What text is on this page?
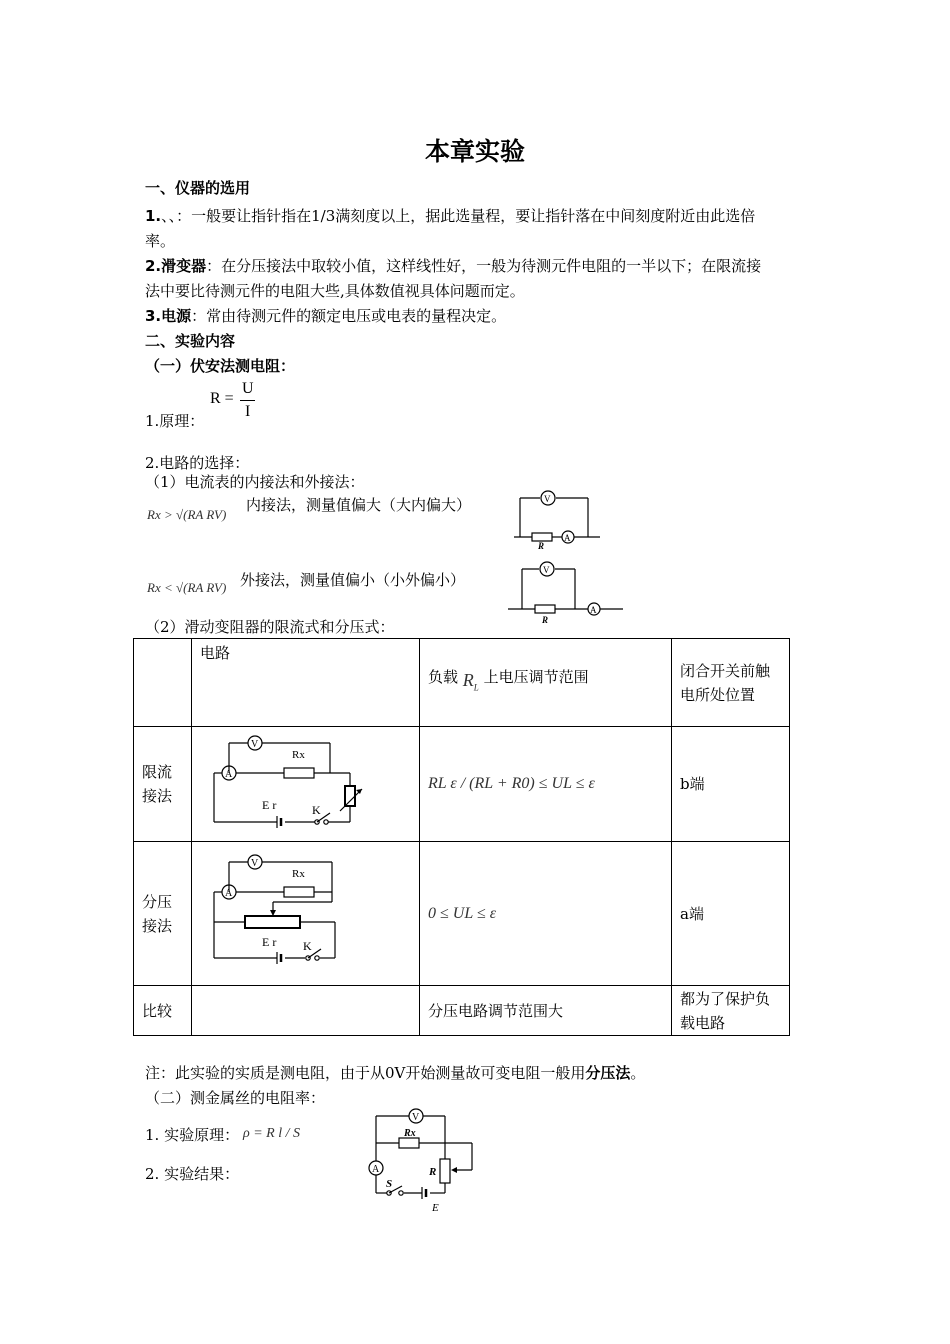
本章实验
一、仪器的选用
1.、、：一般要让指针指在1/3满刻度以上，据此选量程，要让指针落在中间刻度附近由此选倍
率。
2.滑变器：在分压接法中取较小值，这样线性好，一般为待测元件电阻的一半以下；在限流接
法中要比待测元件的电阻大些,具体数值视具体问题而定。
3.电源：常由待测元件的额定电压或电表的量程决定。
二、实验内容
（一）伏安法测电阻：
1.原理：
R =
U
I
2.电路的选择：
（1）电流表的内接法和外接法：
Rx > √(RA RV)
内接法，测量值偏大（大内偏大）
Rx < √(RA RV) 外接法，测量值偏小（小外偏小）
V
A
R
V
A
R
（2）滑动变阻器的限流式和分压式：
	电路	负载 $R_L$ 上电压调节范围	闭合开关前触电所处位置
限流接法	V
A
Rx
E r K	RL ε / (RL + R0) ≤ UL ≤ ε	b端
分压接法	V
A
Rx
E r K	0 ≤ UL ≤ ε	a端
比较		分压电路调节范围大	都为了保护负载电路
注：此实验的实质是测电阻，由于从0V开始测量故可变电阻一般用分压法。
（二）测金属丝的电阻率：
1. 实验原理： ρ = R l / S
2. 实验结果：
V
A
Rx
R
S
E
